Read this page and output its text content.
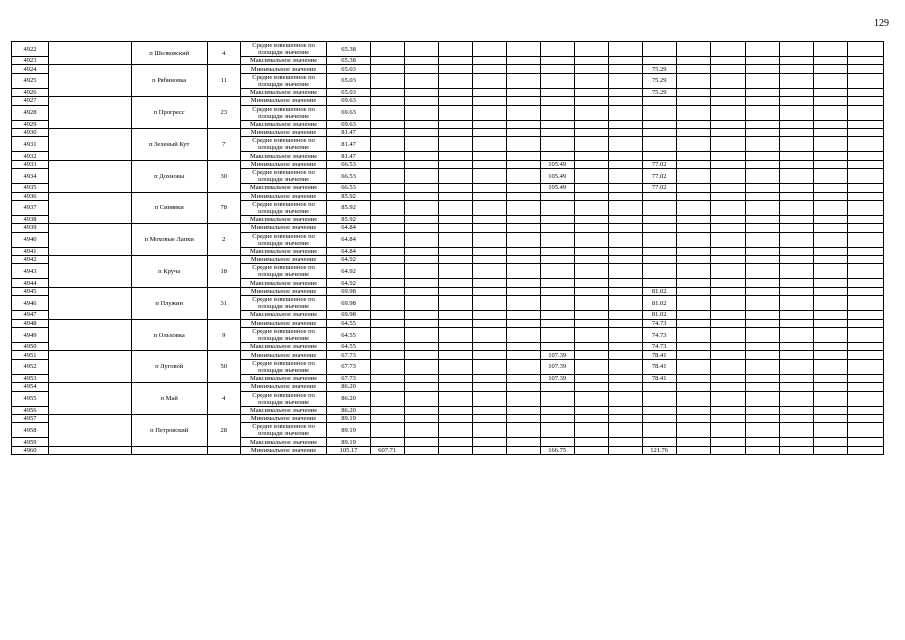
129
4922		п Шелковский	4	Средне взвешенное по площади значение	65.38															
4923				Максимальное значение	65.38															
4924		п Рябиновка	11	Минимальное значение	65.03									75.29						
4925				Средне взвешенное по площади значение	65.03									75.29						
4926				Максимальное значение	65.03									75.29						
4927		п Прогресс	23	Минимальное значение	69.63															
4928				Средне взвешенное по площади значение	69.63															
4929				Максимальное значение	69.63															
4930		п Зеленый Кут	7	Минимальное значение	81.47															
4931				Средне взвешенное по площади значение	81.47															
4932				Максимальное значение	81.47															
4933		п Дохновы	30	Минимальное значение	66.53						105.49			77.02						
4934				Средне взвешенное по площади значение	66.53						105.49			77.02						
4935				Максимальное значение	66.53						105.49			77.02						
4936		п Синявки	78	Минимальное значение	85.92															
4937				Средне взвешенное по площади значение	85.92															
4938				Максимальное значение	85.92															
4939		п Моховые Лапки	2	Минимальное значение	64.84															
4940				Средне взвешенное по площади значение	64.84															
4941				Максимальное значение	64.84															
4942		п Круча	18	Минимальное значение	64.92															
4943				Средне взвешенное по площади значение	64.92															
4944				Максимальное значение	64.92															
4945		п Плужин	31	Минимальное значение	69.98									81.02						
4946				Средне взвешенное по площади значение	69.98									81.02						
4947				Максимальное значение	69.98									81.02						
4948		п Ольховка	9	Минимальное значение	64.55									74.73						
4949				Средне взвешенное по площади значение	64.55									74.73						
4950				Максимальное значение	64.55									74.73						
4951		п Луговой	50	Минимальное значение	67.73						107.39			78.41						
4952				Средне взвешенное по площади значение	67.73						107.39			78.41						
4953				Максимальное значение	67.73						107.39			78.41						
4954		п Май	4	Минимальное значение	86.20															
4955				Средне взвешенное по площади значение	86.20															
4956				Максимальное значение	86.20															
4957		п Петровский	28	Минимальное значение	89.19															
4958				Средне взвешенное по площади значение	89.19															
4959				Максимальное значение	89.19															
4960				Минимальное значение	105.17	607.71					166.75			121.76						
